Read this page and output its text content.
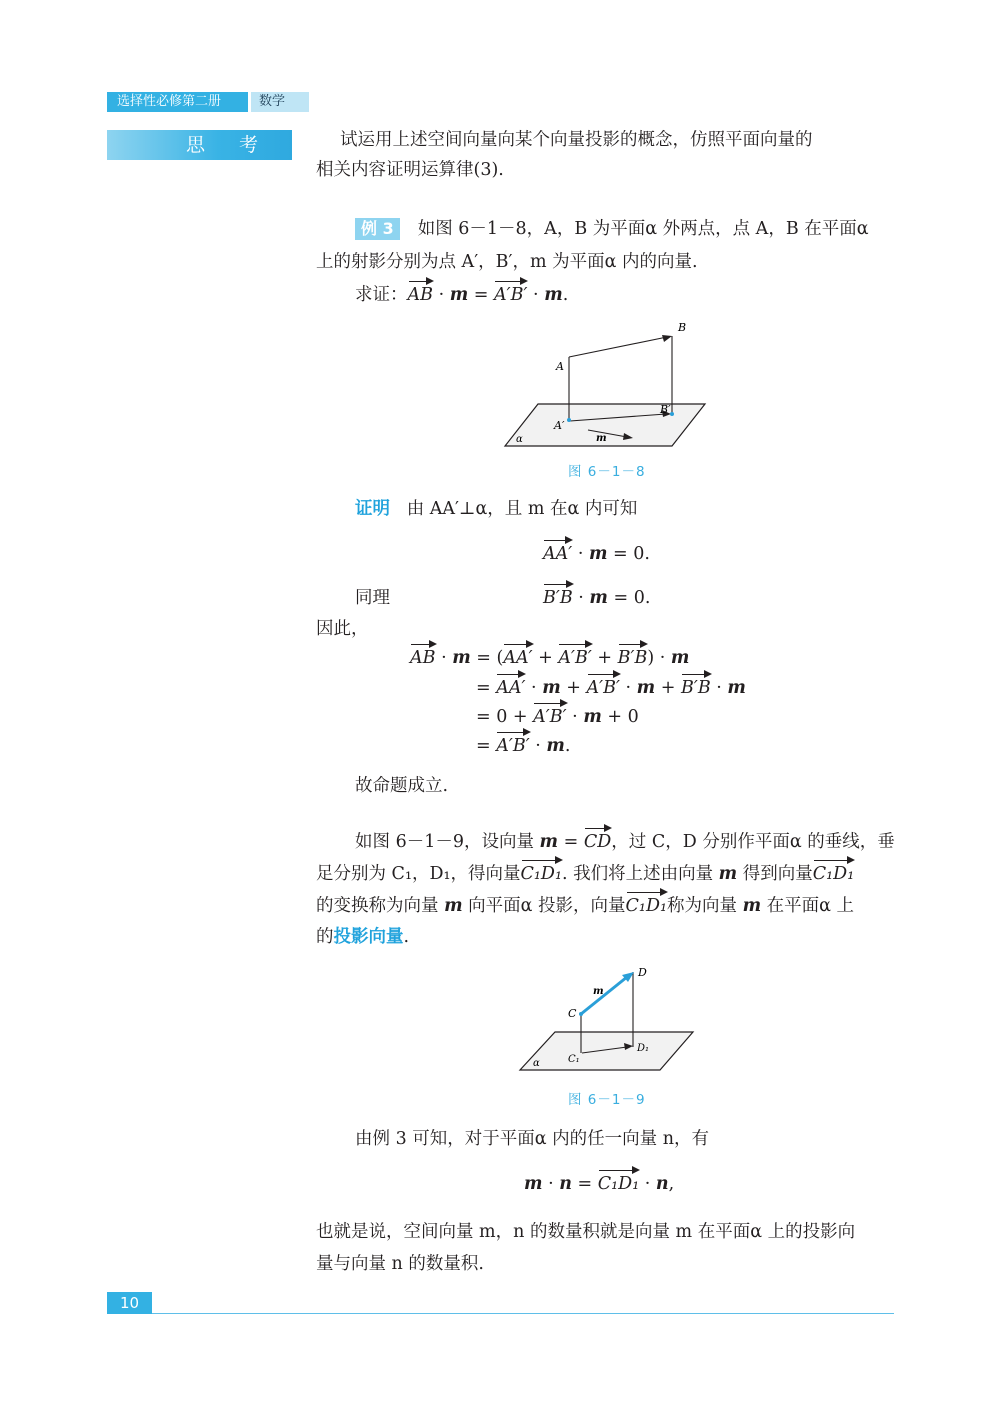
选择性必修第二册	数学
思 考	试运用上述空间向量向某个向量投影的概念，仿照平面向量的
相关内容证明运算律(3).
例 3 如图 6－1－8，A，B 为平面α 外两点，点 A，B 在平面α
上的射影分别为点 A′，B′，m 为平面α 内的向量.
求证：AB · m = A′B′ · m.
B
A
A′
B′
m
α
图 6－1－8
证明 由 AA′⊥α，且 m 在α 内可知
AA′ · m = 0.
同理	B′B · m = 0.
因此，
AB · m = (AA′ + A′B′ + B′B) · m
= AA′ · m + A′B′ · m + B′B · m
= 0 + A′B′ · m + 0
= A′B′ · m.
故命题成立.
如图 6－1－9，设向量 m = CD，过 C，D 分别作平面α 的垂线，垂
足分别为 C₁，D₁，得向量C₁D₁. 我们将上述由向量 m 得到向量C₁D₁
的变换称为向量 m 向平面α 投影，向量C₁D₁称为向量 m 在平面α 上
的投影向量.
D
C
m
C₁
D₁
α
图 6－1－9
由例 3 可知，对于平面α 内的任一向量 n，有
m · n = C₁D₁ · n,
也就是说，空间向量 m，n 的数量积就是向量 m 在平面α 上的投影向
量与向量 n 的数量积.
10
